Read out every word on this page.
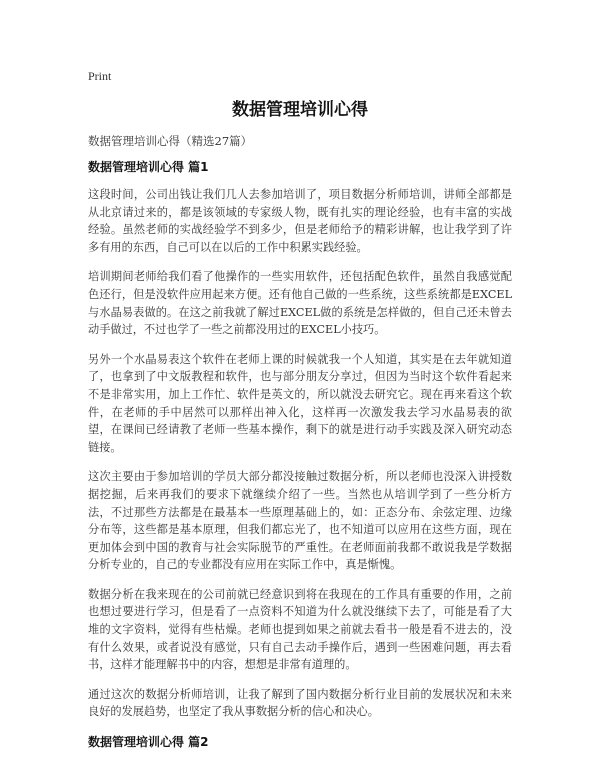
Print

数据管理培训心得

数据管理培训心得（精选27篇）

数据管理培训心得 篇1

这段时间，公司出钱让我们几人去参加培训了，项目数据分析师培训，讲师全部都是从北京请过来的，都是该领域的专家级人物，既有扎实的理论经验，也有丰富的实战经验。虽然老师的实战经验学不到多少，但是老师给予的精彩讲解，也让我学到了许多有用的东西，自己可以在以后的工作中积累实践经验。

培训期间老师给我们看了他操作的一些实用软件，还包括配色软件，虽然自我感觉配色还行，但是没软件应用起来方便。还有他自己做的一些系统，这些系统都是EXCEL与水晶易表做的。在这之前我就了解过EXCEL做的系统是怎样做的，但自己还未曾去动手做过，不过也学了一些之前都没用过的EXCEL小技巧。

另外一个水晶易表这个软件在老师上课的时候就我一个人知道，其实是在去年就知道了，也拿到了中文版教程和软件，也与部分朋友分享过，但因为当时这个软件看起来不是非常实用，加上工作忙、软件是英文的，所以就没去研究它。现在再来看这个软件，在老师的手中居然可以那样出神入化，这样再一次激发我去学习水晶易表的欲望，在课间已经请教了老师一些基本操作，剩下的就是进行动手实践及深入研究动态链接。

这次主要由于参加培训的学员大部分都没接触过数据分析，所以老师也没深入讲授数据挖掘，后来再我们的要求下就继续介绍了一些。当然也从培训学到了一些分析方法，不过那些方法都是在最基本一些原理基础上的，如：正态分布、余弦定理、边缘分布等，这些都是基本原理，但我们都忘光了，也不知道可以应用在这些方面，现在更加体会到中国的教育与社会实际脱节的严重性。在老师面前我都不敢说我是学数据分析专业的，自己的专业都没有应用在实际工作中，真是惭愧。

数据分析在我来现在的公司前就已经意识到将在我现在的工作具有重要的作用，之前也想过要进行学习，但是看了一点资料不知道为什么就没继续下去了，可能是看了大堆的文字资料，觉得有些枯燥。老师也提到如果之前就去看书一般是看不进去的，没有什么效果，或者说没有感觉，只有自己去动手操作后，遇到一些困难问题，再去看书，这样才能理解书中的内容，想想是非常有道理的。

通过这次的数据分析师培训，让我了解到了国内数据分析行业目前的发展状况和未来良好的发展趋势，也坚定了我从事数据分析的信心和决心。

数据管理培训心得 篇2
